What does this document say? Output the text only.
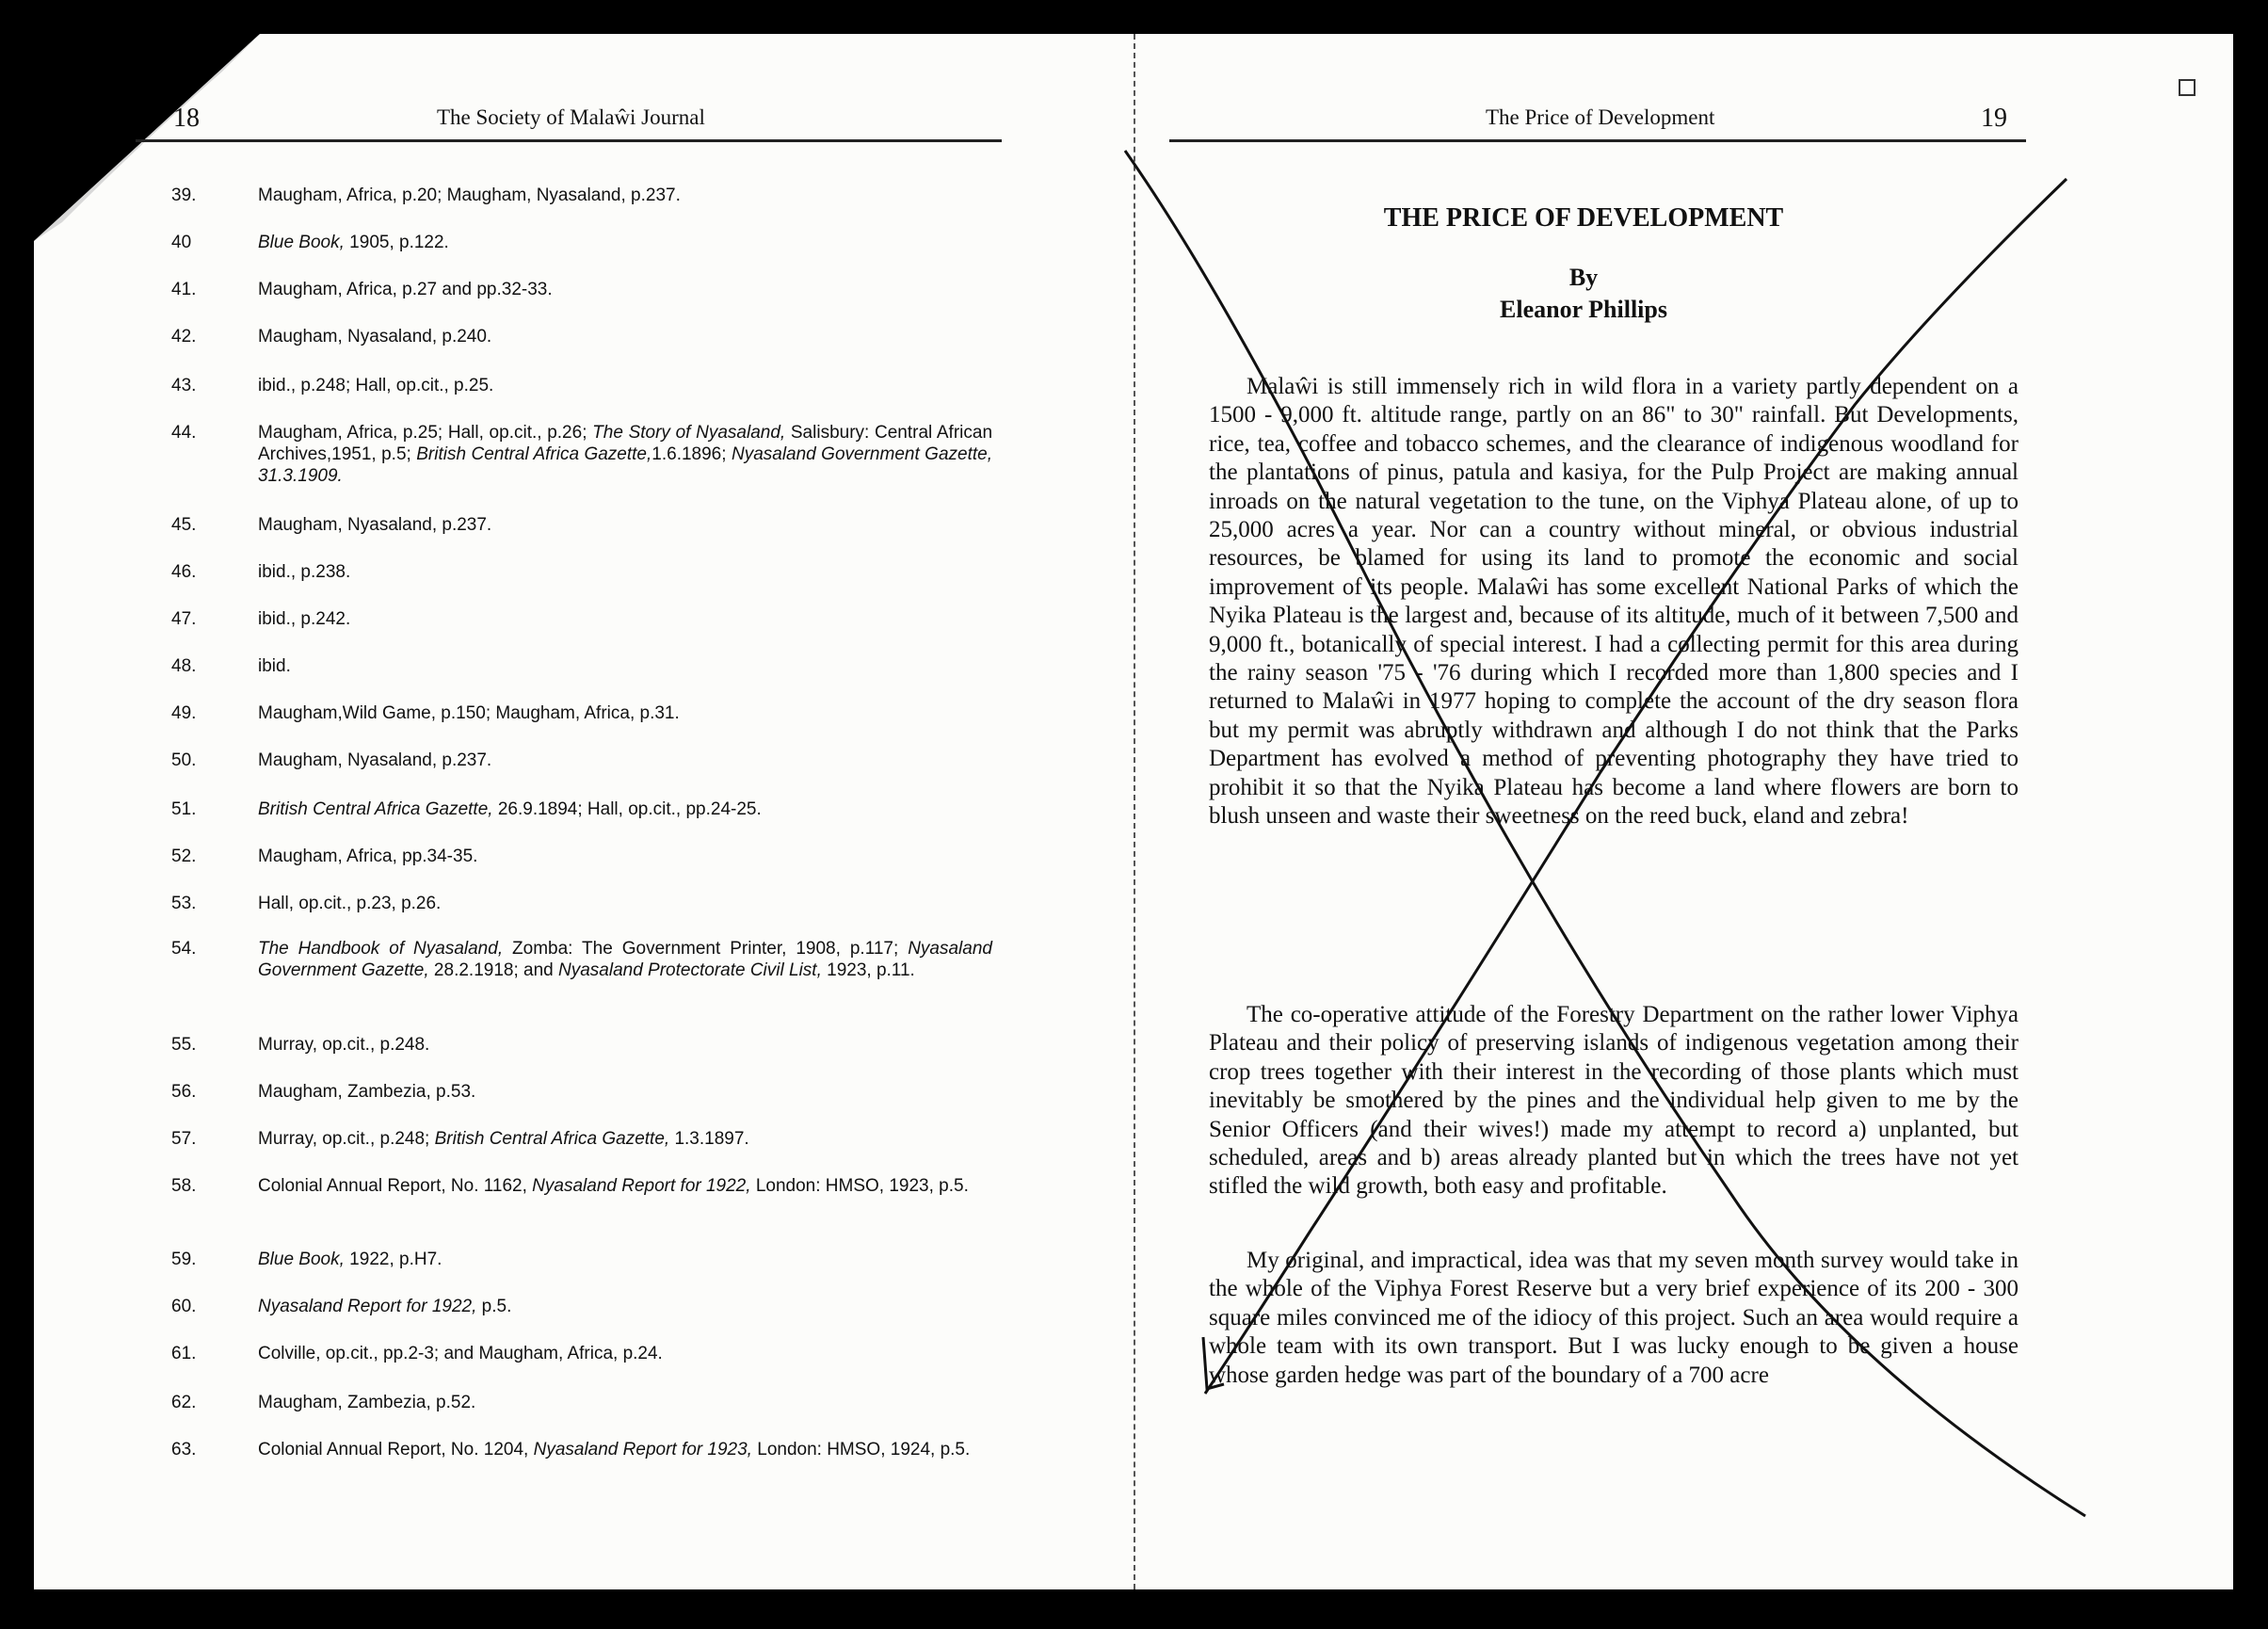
18	The Society of Malaŵi Journal
39.	Maugham, Africa, p.20; Maugham, Nyasaland, p.237.
40	Blue Book, 1905, p.122.
41.	Maugham, Africa, p.27 and pp.32-33.
42.	Maugham, Nyasaland, p.240.
43.	ibid., p.248; Hall, op.cit., p.25.
44.	Maugham, Africa, p.25; Hall, op.cit., p.26; The Story of Nyasaland, Salisbury: Central African Archives,1951, p.5; British Central Africa Gazette,1.6.1896; Nyasaland Government Gazette, 31.3.1909.
45.	Maugham, Nyasaland, p.237.
46.	ibid., p.238.
47.	ibid., p.242.
48.	ibid.
49.	Maugham,Wild Game, p.150; Maugham, Africa, p.31.
50.	Maugham, Nyasaland, p.237.
51.	British Central Africa Gazette, 26.9.1894; Hall, op.cit., pp.24-25.
52.	Maugham, Africa, pp.34-35.
53.	Hall, op.cit., p.23, p.26.
54.	The Handbook of Nyasaland, Zomba: The Government Printer, 1908, p.117; Nyasaland Government Gazette, 28.2.1918; and Nyasaland Protectorate Civil List, 1923, p.11.
55.	Murray, op.cit., p.248.
56.	Maugham, Zambezia, p.53.
57.	Murray, op.cit., p.248; British Central Africa Gazette, 1.3.1897.
58.	Colonial Annual Report, No. 1162, Nyasaland Report for 1922, London: HMSO, 1923, p.5.
59.	Blue Book, 1922, p.H7.
60.	Nyasaland Report for 1922, p.5.
61.	Colville, op.cit., pp.2-3; and Maugham, Africa, p.24.
62.	Maugham, Zambezia, p.52.
63.	Colonial Annual Report, No. 1204, Nyasaland Report for 1923, London: HMSO, 1924, p.5.
The Price of Development	19
THE PRICE OF DEVELOPMENT
By
Eleanor Phillips
Malaŵi is still immensely rich in wild flora in a variety partly dependent on a 1500 - 9,000 ft. altitude range, partly on an 86" to 30" rainfall. But Developments, rice, tea, coffee and tobacco schemes, and the clearance of indigenous woodland for the plantations of pinus, patula and kasiya, for the Pulp Project are making annual inroads on the natural vegetation to the tune, on the Viphya Plateau alone, of up to 25,000 acres a year. Nor can a country without mineral, or obvious industrial resources, be blamed for using its land to promote the economic and social improvement of its people. Malaŵi has some excellent National Parks of which the Nyika Plateau is the largest and, because of its altitude, much of it between 7,500 and 9,000 ft., botanically of special interest. I had a collecting permit for this area during the rainy season '75 - '76 during which I recorded more than 1,800 species and I returned to Malaŵi in 1977 hoping to complete the account of the dry season flora but my permit was abruptly withdrawn and although I do not think that the Parks Department has evolved a method of preventing photography they have tried to prohibit it so that the Nyika Plateau has become a land where flowers are born to blush unseen and waste their sweetness on the reed buck, eland and zebra!
The co-operative attitude of the Forestry Department on the rather lower Viphya Plateau and their policy of preserving islands of indigenous vegetation among their crop trees together with their interest in the recording of those plants which must inevitably be smothered by the pines and the individual help given to me by the Senior Officers (and their wives!) made my attempt to record a) unplanted, but scheduled, areas and b) areas already planted but in which the trees have not yet stifled the wild growth, both easy and profitable.
My original, and impractical, idea was that my seven month survey would take in the whole of the Viphya Forest Reserve but a very brief experience of its 200 - 300 square miles convinced me of the idiocy of this project. Such an area would require a whole team with its own transport. But I was lucky enough to be given a house whose garden hedge was part of the boundary of a 700 acre
